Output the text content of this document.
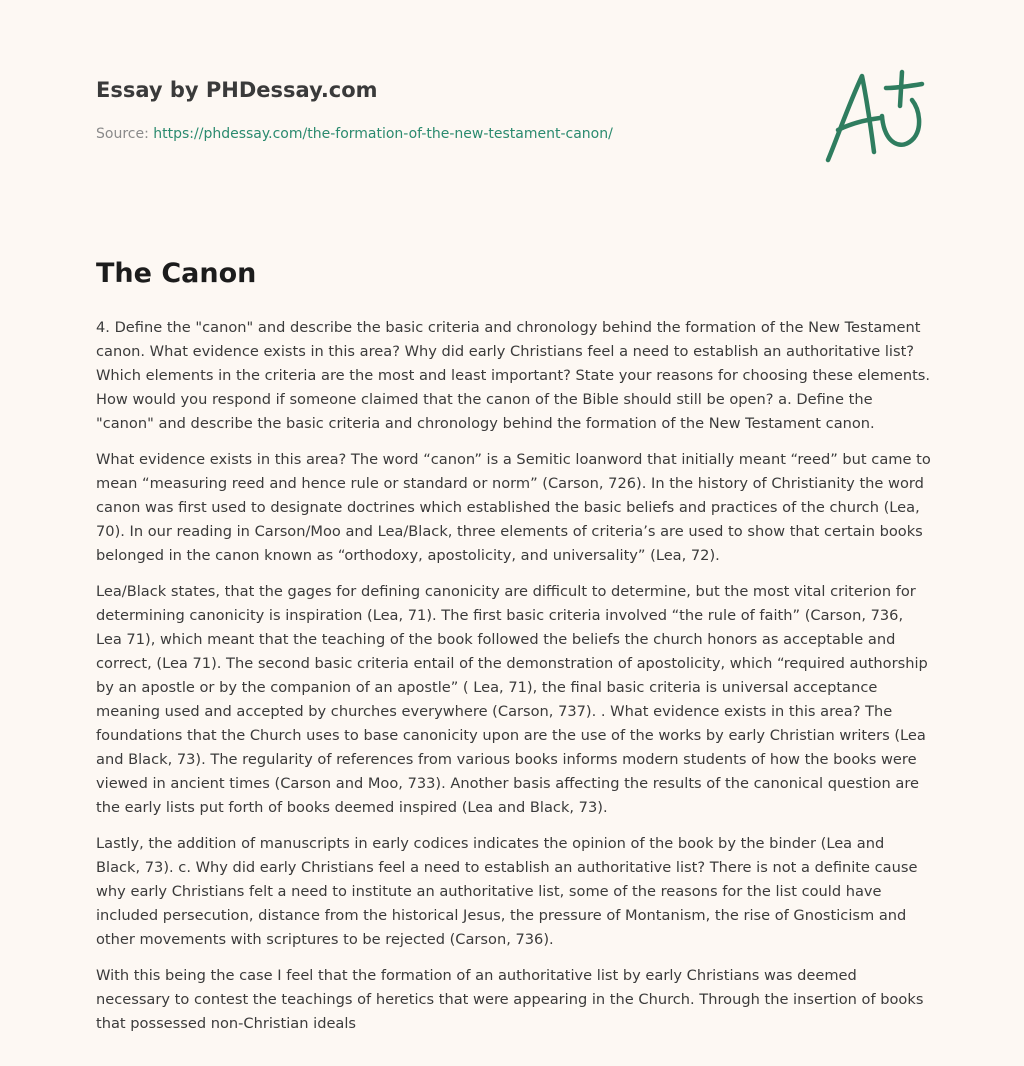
Essay by PHDessay.com
Source: https://phdessay.com/the-formation-of-the-new-testament-canon/
The Canon

4. Define the "canon" and describe the basic criteria and chronology behind the formation of the New Testament canon. What evidence exists in this area? Why did early Christians feel a need to establish an authoritative list? Which elements in the criteria are the most and least important? State your reasons for choosing these elements. How would you respond if someone claimed that the canon of the Bible should still be open? a. Define the "canon" and describe the basic criteria and chronology behind the formation of the New Testament canon.

What evidence exists in this area? The word “canon” is a Semitic loanword that initially meant “reed” but came to mean “measuring reed and hence rule or standard or norm” (Carson, 726). In the history of Christianity the word canon was first used to designate doctrines which established the basic beliefs and practices of the church (Lea, 70). In our reading in Carson/Moo and Lea/Black, three elements of criteria’s are used to show that certain books belonged in the canon known as “orthodoxy, apostolicity, and universality” (Lea, 72).

Lea/Black states, that the gages for defining canonicity are difficult to determine, but the most vital criterion for determining canonicity is inspiration (Lea, 71). The first basic criteria involved “the rule of faith” (Carson, 736, Lea 71), which meant that the teaching of the book followed the beliefs the church honors as acceptable and correct, (Lea 71). The second basic criteria entail of the demonstration of apostolicity, which “required authorship by an apostle or by the companion of an apostle” ( Lea, 71), the final basic criteria is universal acceptance meaning used and accepted by churches everywhere (Carson, 737). . What evidence exists in this area? The foundations that the Church uses to base canonicity upon are the use of the works by early Christian writers (Lea and Black, 73). The regularity of references from various books informs modern students of how the books were viewed in ancient times (Carson and Moo, 733). Another basis affecting the results of the canonical question are the early lists put forth of books deemed inspired (Lea and Black, 73).

Lastly, the addition of manuscripts in early codices indicates the opinion of the book by the binder (Lea and Black, 73). c. Why did early Christians feel a need to establish an authoritative list? There is not a definite cause why early Christians felt a need to institute an authoritative list, some of the reasons for the list could have included persecution, distance from the historical Jesus, the pressure of Montanism, the rise of Gnosticism and other movements with scriptures to be rejected (Carson, 736).

With this being the case I feel that the formation of an authoritative list by early Christians was deemed necessary to contest the teachings of heretics that were appearing in the Church. Through the insertion of books that possessed non-Christian ideals
